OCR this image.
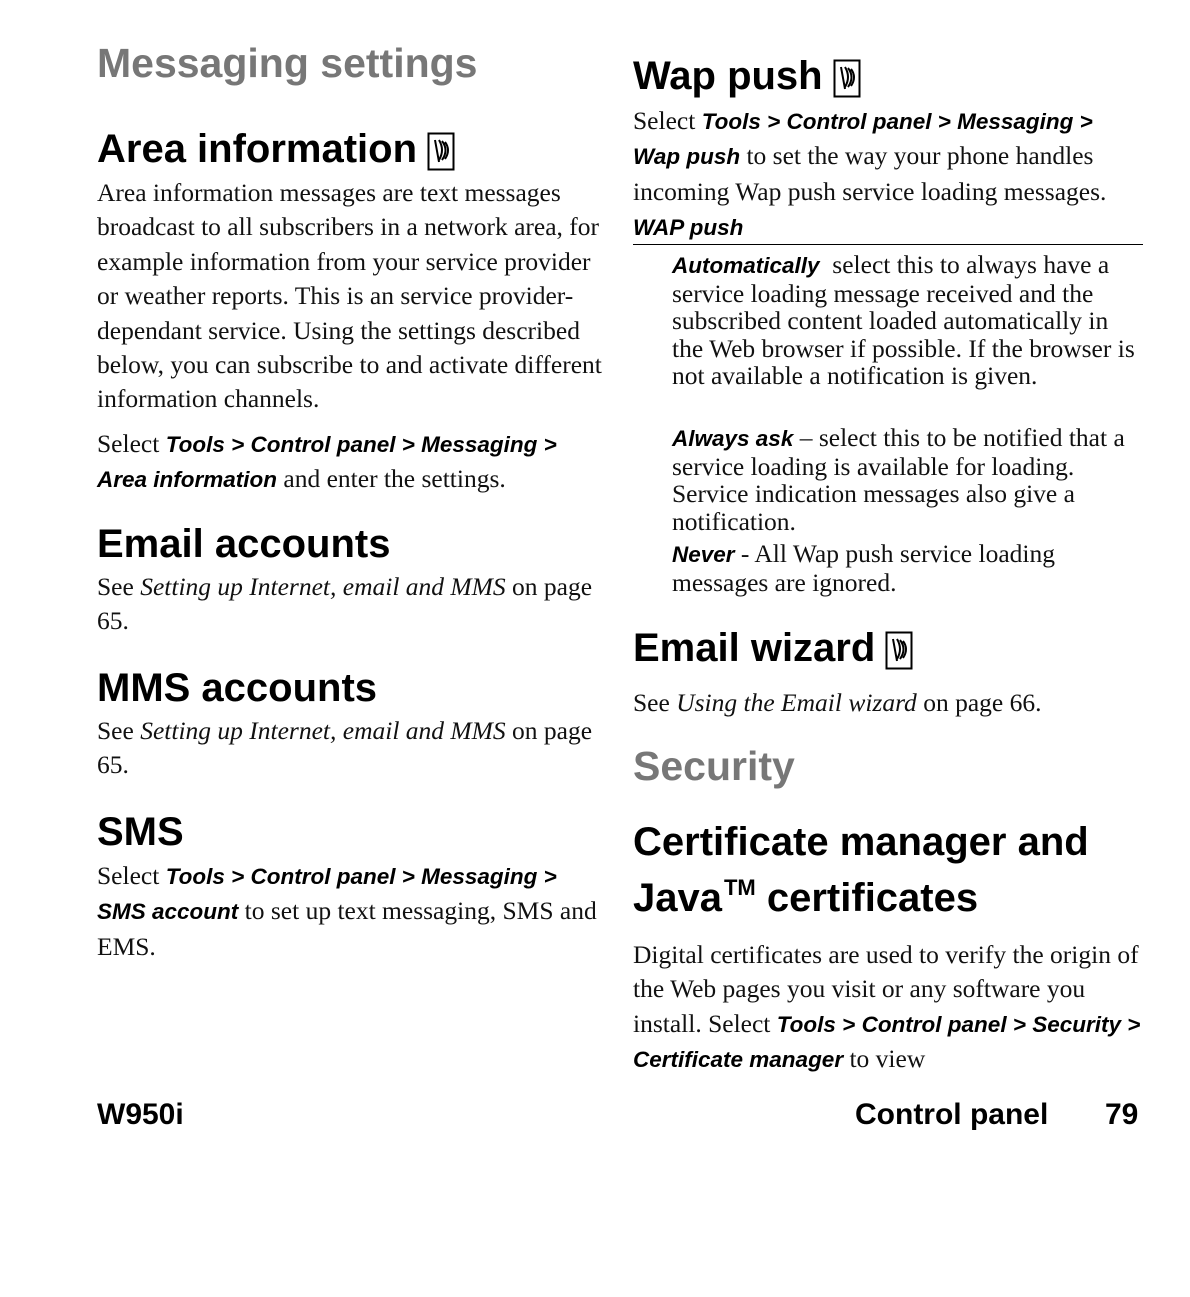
Messaging settings
Area information

Area information messages are text messages broadcast to all subscribers in a network area, for example information from your service provider or weather reports. This is an service provider-dependant service. Using the settings described below, you can subscribe to and activate different information channels.

Select Tools > Control panel > Messaging > Area information and enter the settings.

Email accounts

See Setting up Internet, email and MMS on page 65.

MMS accounts

See Setting up Internet, email and MMS on page 65.

SMS

Select Tools > Control panel > Messaging > SMS account to set up text messaging, SMS and EMS.

Wap push

Select Tools > Control panel > Messaging > Wap push to set the way your phone handles incoming Wap push service loading messages.

WAP push

Automatically  select this to always have a service loading message received and the subscribed content loaded automatically in the Web browser if possible. If the browser is not available a notification is given.

Always ask – select this to be notified that a service loading is available for loading. Service indication messages also give a notification.

Never - All Wap push service loading messages are ignored.

Email wizard

See Using the Email wizard on page 66.

Security
Certificate manager and
Java™ certificates

Digital certificates are used to verify the origin of the Web pages you visit or any software you install. Select Tools > Control panel > Security > Certificate manager to view

W950i	Control panel 79
